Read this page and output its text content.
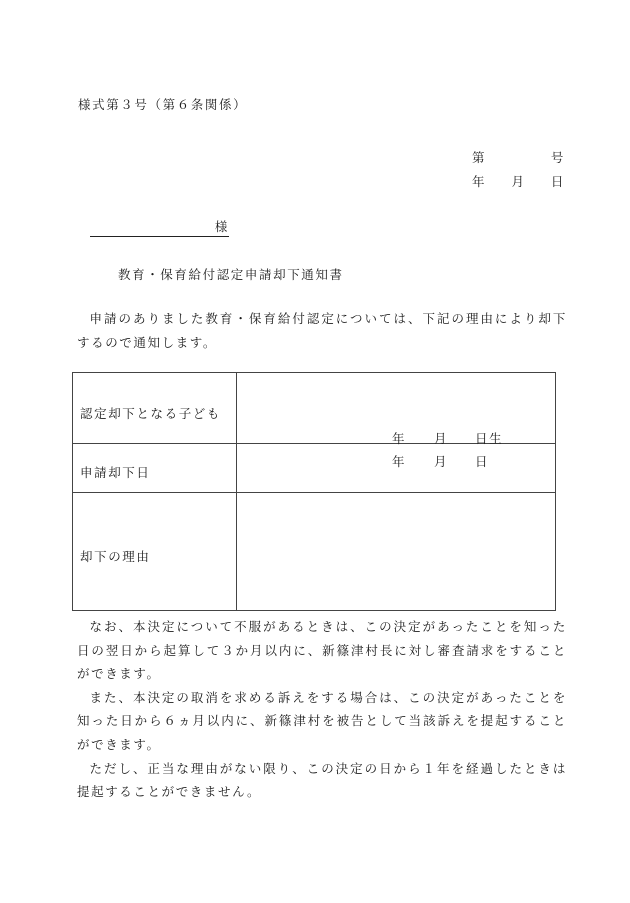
様式第３号（第６条関係）
第	号
年 月 日
様
教育・保育給付認定申請却下通知書

申請のありました教育・保育給付認定については、下記の理由により却下するので通知します。

認定却下となる子ども	年 月 日生

申請却下日	年 月 日

却下の理由	

なお、本決定について不服があるときは、この決定があったことを知った日の翌日から起算して３か月以内に、新篠津村長に対し審査請求をすることができます。

また、本決定の取消を求める訴えをする場合は、この決定があったことを知った日から６ヵ月以内に、新篠津村を被告として当該訴えを提起することができます。

ただし、正当な理由がない限り、この決定の日から１年を経過したときは提起することができません。
